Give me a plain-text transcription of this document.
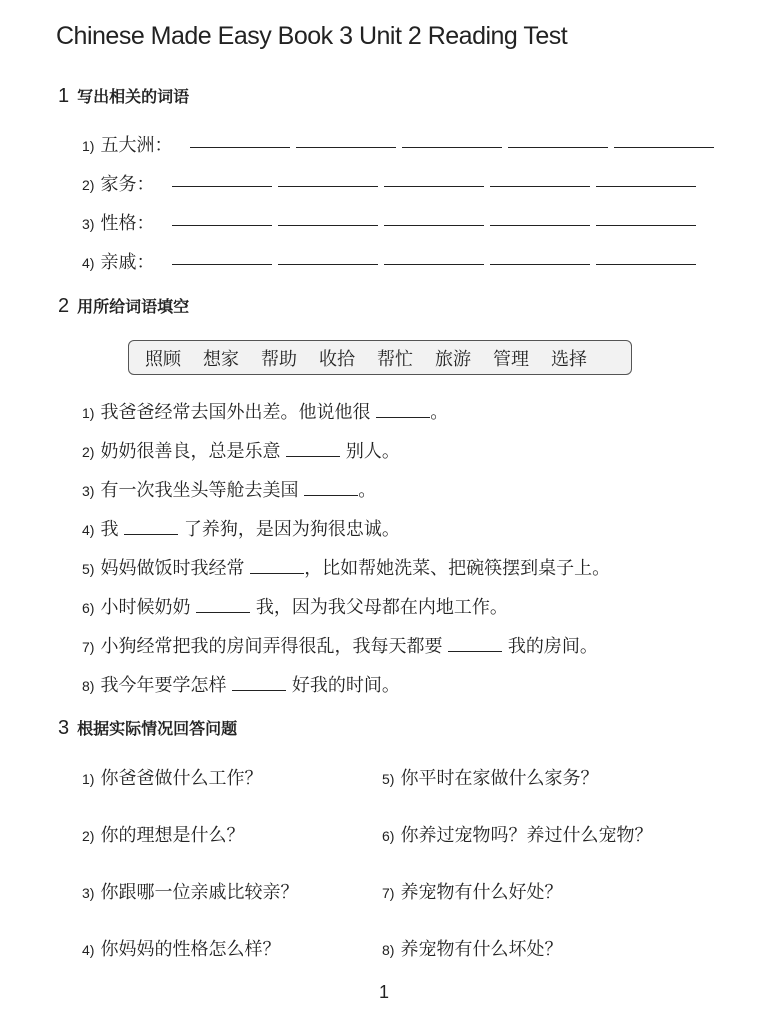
Chinese Made Easy Book 3 Unit 2 Reading Test
1 写出相关的词语
1) 五大洲：
2) 家务：
3) 性格：
4) 亲戚：
2 用所给词语填空
照顾 想家 帮助 收拾 帮忙 旅游 管理 选择
1) 我爸爸经常去国外出差。他说他很	。
2) 奶奶很善良，总是乐意	别人。
3) 有一次我坐头等舱去美国	。
4) 我	了养狗，是因为狗很忠诚。
5) 妈妈做饭时我经常	，比如帮她洗菜、把碗筷摆到桌子上。
6) 小时候奶奶	我，因为我父母都在内地工作。
7) 小狗经常把我的房间弄得很乱，我每天都要	我的房间。
8) 我今年要学怎样	好我的时间。
3 根据实际情况回答问题
1) 你爸爸做什么工作？
2) 你的理想是什么？
3) 你跟哪一位亲戚比较亲？
4) 你妈妈的性格怎么样？
5) 你平时在家做什么家务？
6) 你养过宠物吗？养过什么宠物？
7) 养宠物有什么好处？
8) 养宠物有什么坏处？
1
